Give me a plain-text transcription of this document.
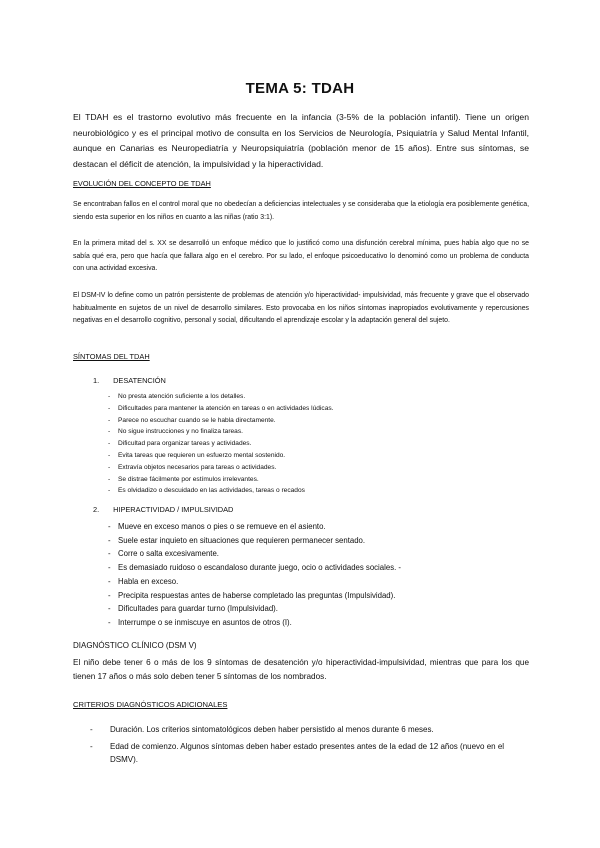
TEMA 5: TDAH
El TDAH es el trastorno evolutivo más frecuente en la infancia (3-5% de la población infantil). Tiene un origen neurobiológico y es el principal motivo de consulta en los Servicios de Neurología, Psiquiatría y Salud Mental Infantil, aunque en Canarias es Neuropediatría y Neuropsiquiatría (población menor de 15 años). Entre sus síntomas, se destacan el déficit de atención, la impulsividad y la hiperactividad.
EVOLUCIÓN DEL CONCEPTO DE TDAH
Se encontraban fallos en el control moral que no obedecían a deficiencias intelectuales y se consideraba que la etiología era posiblemente genética, siendo esta superior en los niños en cuanto a las niñas (ratio 3:1).
En la primera mitad del s. XX se desarrolló un enfoque médico que lo justificó como una disfunción cerebral mínima, pues había algo que no se sabía qué era, pero que hacía que fallara algo en el cerebro. Por su lado, el enfoque psicoeducativo lo denominó como un problema de conducta con una actividad excesiva.
El DSM-IV lo define como un patrón persistente de problemas de atención y/o hiperactividad- impulsividad, más frecuente y grave que el observado habitualmente en sujetos de un nivel de desarrollo similares. Esto provocaba en los niños síntomas inapropiados evolutivamente y repercusiones negativas en el desarrollo cognitivo, personal y social, dificultando el aprendizaje escolar y la adaptación general del sujeto.
SÍNTOMAS DEL TDAH
1. DESATENCIÓN
- No presta atención suficiente a los detalles.
- Dificultades para mantener la atención en tareas o en actividades lúdicas.
- Parece no escuchar cuando se le habla directamente.
- No sigue instrucciones y no finaliza tareas.
- Dificultad para organizar tareas y actividades.
- Evita tareas que requieren un esfuerzo mental sostenido.
- Extravía objetos necesarios para tareas o actividades.
- Se distrae fácilmente por estímulos irrelevantes.
- Es olvidadizo o descuidado en las actividades, tareas o recados
2. HIPERACTIVIDAD / IMPULSIVIDAD
- Mueve en exceso manos o pies o se remueve en el asiento.
- Suele estar inquieto en situaciones que requieren permanecer sentado.
- Corre o salta excesivamente.
- Es demasiado ruidoso o escandaloso durante juego, ocio o actividades sociales. -
- Habla en exceso.
- Precipita respuestas antes de haberse completado las preguntas (Impulsividad).
- Dificultades para guardar turno (Impulsividad).
- Interrumpe o se inmiscuye en asuntos de otros (I).
DIAGNÓSTICO CLÍNICO (DSM V)
El niño debe tener 6 o más de los 9 síntomas de desatención y/o hiperactividad-impulsividad, mientras que para los que tienen 17 años o más solo deben tener 5 síntomas de los nombrados.
CRITERIOS DIAGNÓSTICOS ADICIONALES
- Duración. Los criterios sintomatológicos deben haber persistido al menos durante 6 meses.
- Edad de comienzo. Algunos síntomas deben haber estado presentes antes de la edad de 12 años (nuevo en el DSMV).
